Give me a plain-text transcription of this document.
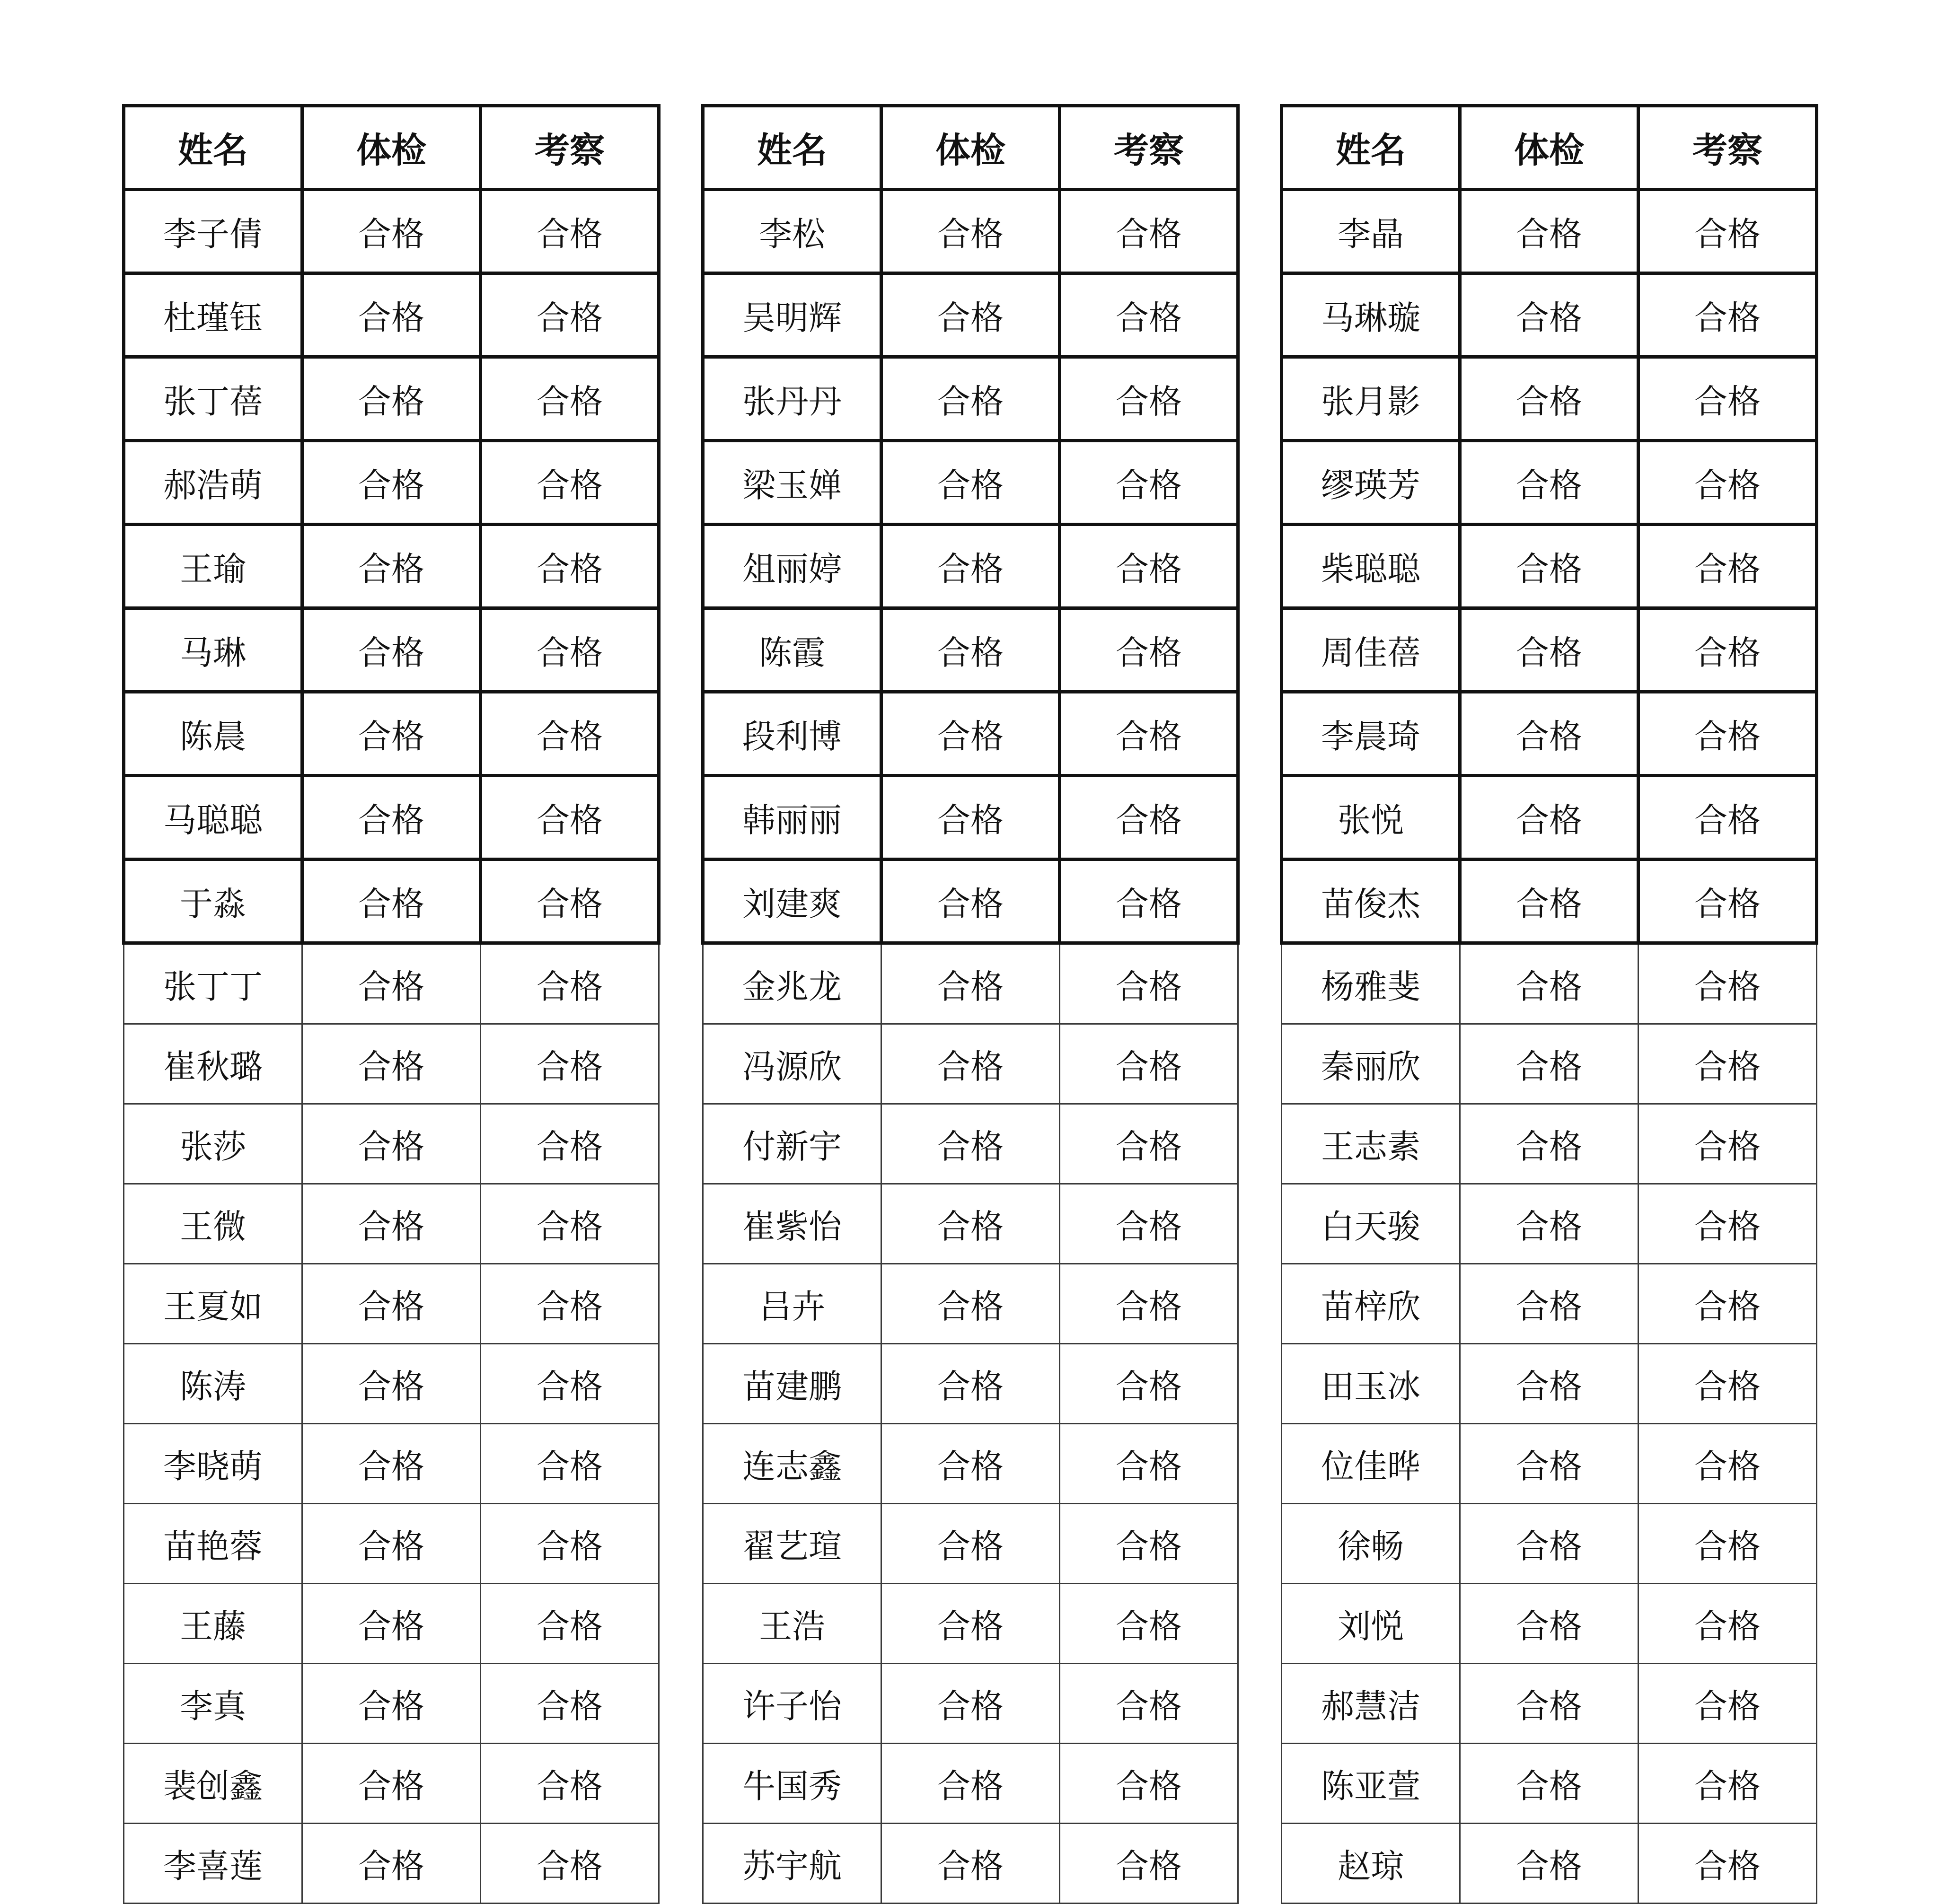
姓名	体检	考察
李子倩	合格	合格
杜瑾钰	合格	合格
张丁蓓	合格	合格
郝浩萌	合格	合格
王瑜	合格	合格
马琳	合格	合格
陈晨	合格	合格
马聪聪	合格	合格
于淼	合格	合格
张丁丁	合格	合格
崔秋璐	合格	合格
张莎	合格	合格
王微	合格	合格
王夏如	合格	合格
陈涛	合格	合格
李晓萌	合格	合格
苗艳蓉	合格	合格
王藤	合格	合格
李真	合格	合格
裴创鑫	合格	合格
李喜莲	合格	合格
姓名	体检	考察
李松	合格	合格
吴明辉	合格	合格
张丹丹	合格	合格
梁玉婵	合格	合格
俎丽婷	合格	合格
陈霞	合格	合格
段利博	合格	合格
韩丽丽	合格	合格
刘建爽	合格	合格
金兆龙	合格	合格
冯源欣	合格	合格
付新宇	合格	合格
崔紫怡	合格	合格
吕卉	合格	合格
苗建鹏	合格	合格
连志鑫	合格	合格
翟艺瑄	合格	合格
王浩	合格	合格
许子怡	合格	合格
牛国秀	合格	合格
苏宇航	合格	合格
姓名	体检	考察
李晶	合格	合格
马琳璇	合格	合格
张月影	合格	合格
缪瑛芳	合格	合格
柴聪聪	合格	合格
周佳蓓	合格	合格
李晨琦	合格	合格
张悦	合格	合格
苗俊杰	合格	合格
杨雅斐	合格	合格
秦丽欣	合格	合格
王志素	合格	合格
白天骏	合格	合格
苗梓欣	合格	合格
田玉冰	合格	合格
位佳晔	合格	合格
徐畅	合格	合格
刘悦	合格	合格
郝慧洁	合格	合格
陈亚萱	合格	合格
赵琼	合格	合格
